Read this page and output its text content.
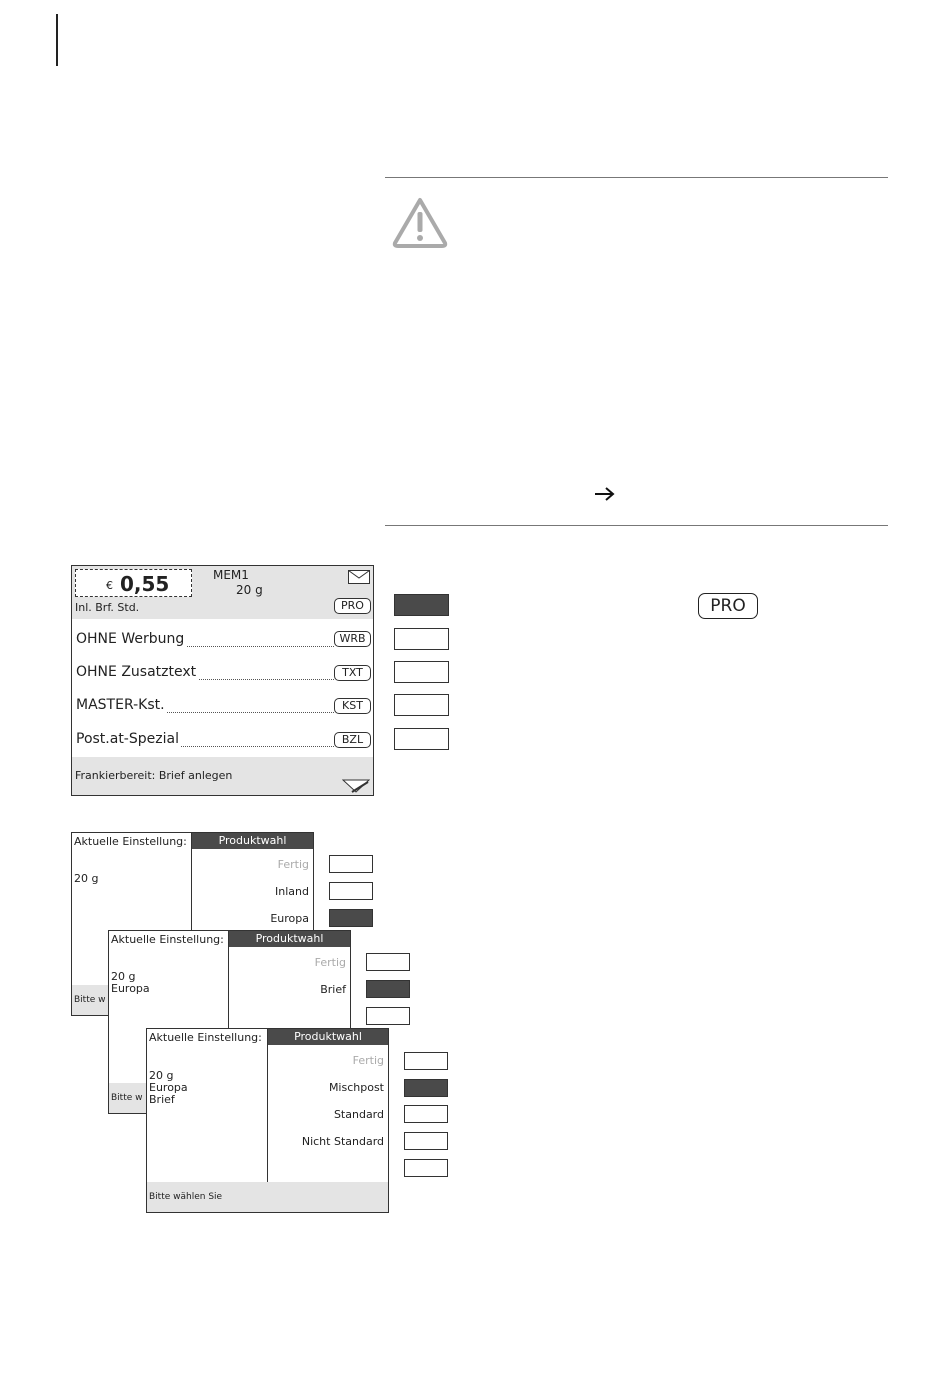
€ 0,55	MEM1
20 g
Inl. Brf. Std.	PRO
OHNE Werbung	WRB
OHNE Zusatztext	TXT
MASTER-Kst.	KST
Post.at-Spezial	BZL
Frankierbereit: Brief anlegen
PRO
Aktuelle Einstellung:
20 g
Produktwahl
Fertig
Inland
Europa
Bitte w
Aktuelle Einstellung:
20 g
Europa
Produktwahl
Fertig
Brief
Bitte w
Aktuelle Einstellung:
20 g
Europa
Brief
Produktwahl
Fertig
Mischpost
Standard
Nicht Standard
Bitte wählen Sie
